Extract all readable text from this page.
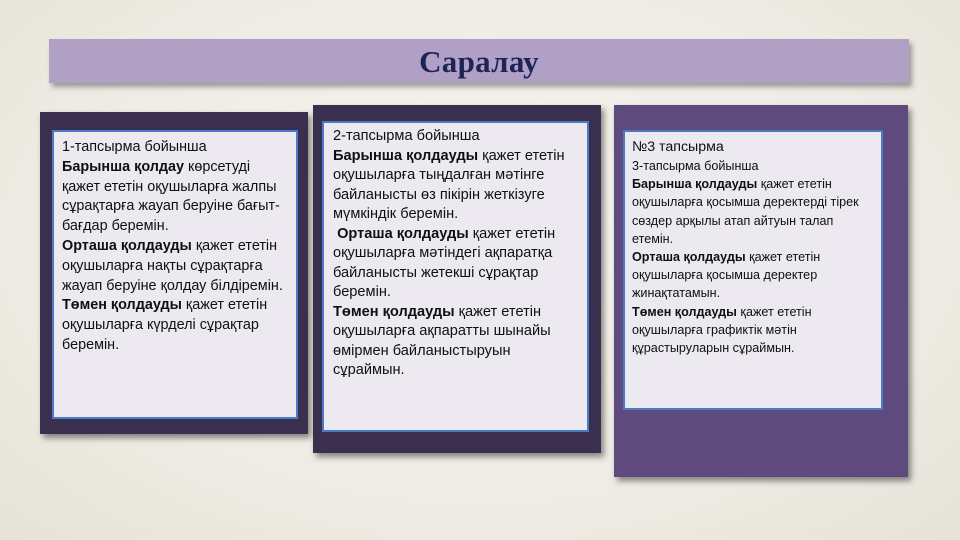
Саралау

1-тапсырма бойынша
Барынша қолдау көрсетуді қажет ететін оқушыларға жалпы сұрақтарға жауап беруіне бағыт-бағдар беремін.
Орташа қолдауды қажет ететін оқушыларға нақты сұрақтарға жауап беруіне қолдау білдіремін.
Төмен қолдауды қажет ететін оқушыларға күрделі сұрақтар беремін.

2-тапсырма бойынша
Барынша қолдауды қажет ететін оқушыларға тыңдалған мәтінге байланысты өз пікірін жеткізуге мүмкіндік беремін.
Орташа қолдауды қажет ететін оқушыларға мәтіндегі ақпаратқа байланысты жетекші сұрақтар беремін.
Төмен қолдауды қажет ететін оқушыларға ақпаратты шынайы өмірмен байланыстыруын сұраймын.

№3 тапсырма
3-тапсырма бойынша
Барынша қолдауды қажет ететін оқушыларға қосымша деректерді тірек сөздер арқылы атап айтуын талап етемін.
Орташа қолдауды қажет ететін оқушыларға қосымша деректер жинақтатамын.
Төмен қолдауды қажет ететін оқушыларға графиктік мәтін құрастыруларын сұраймын.
